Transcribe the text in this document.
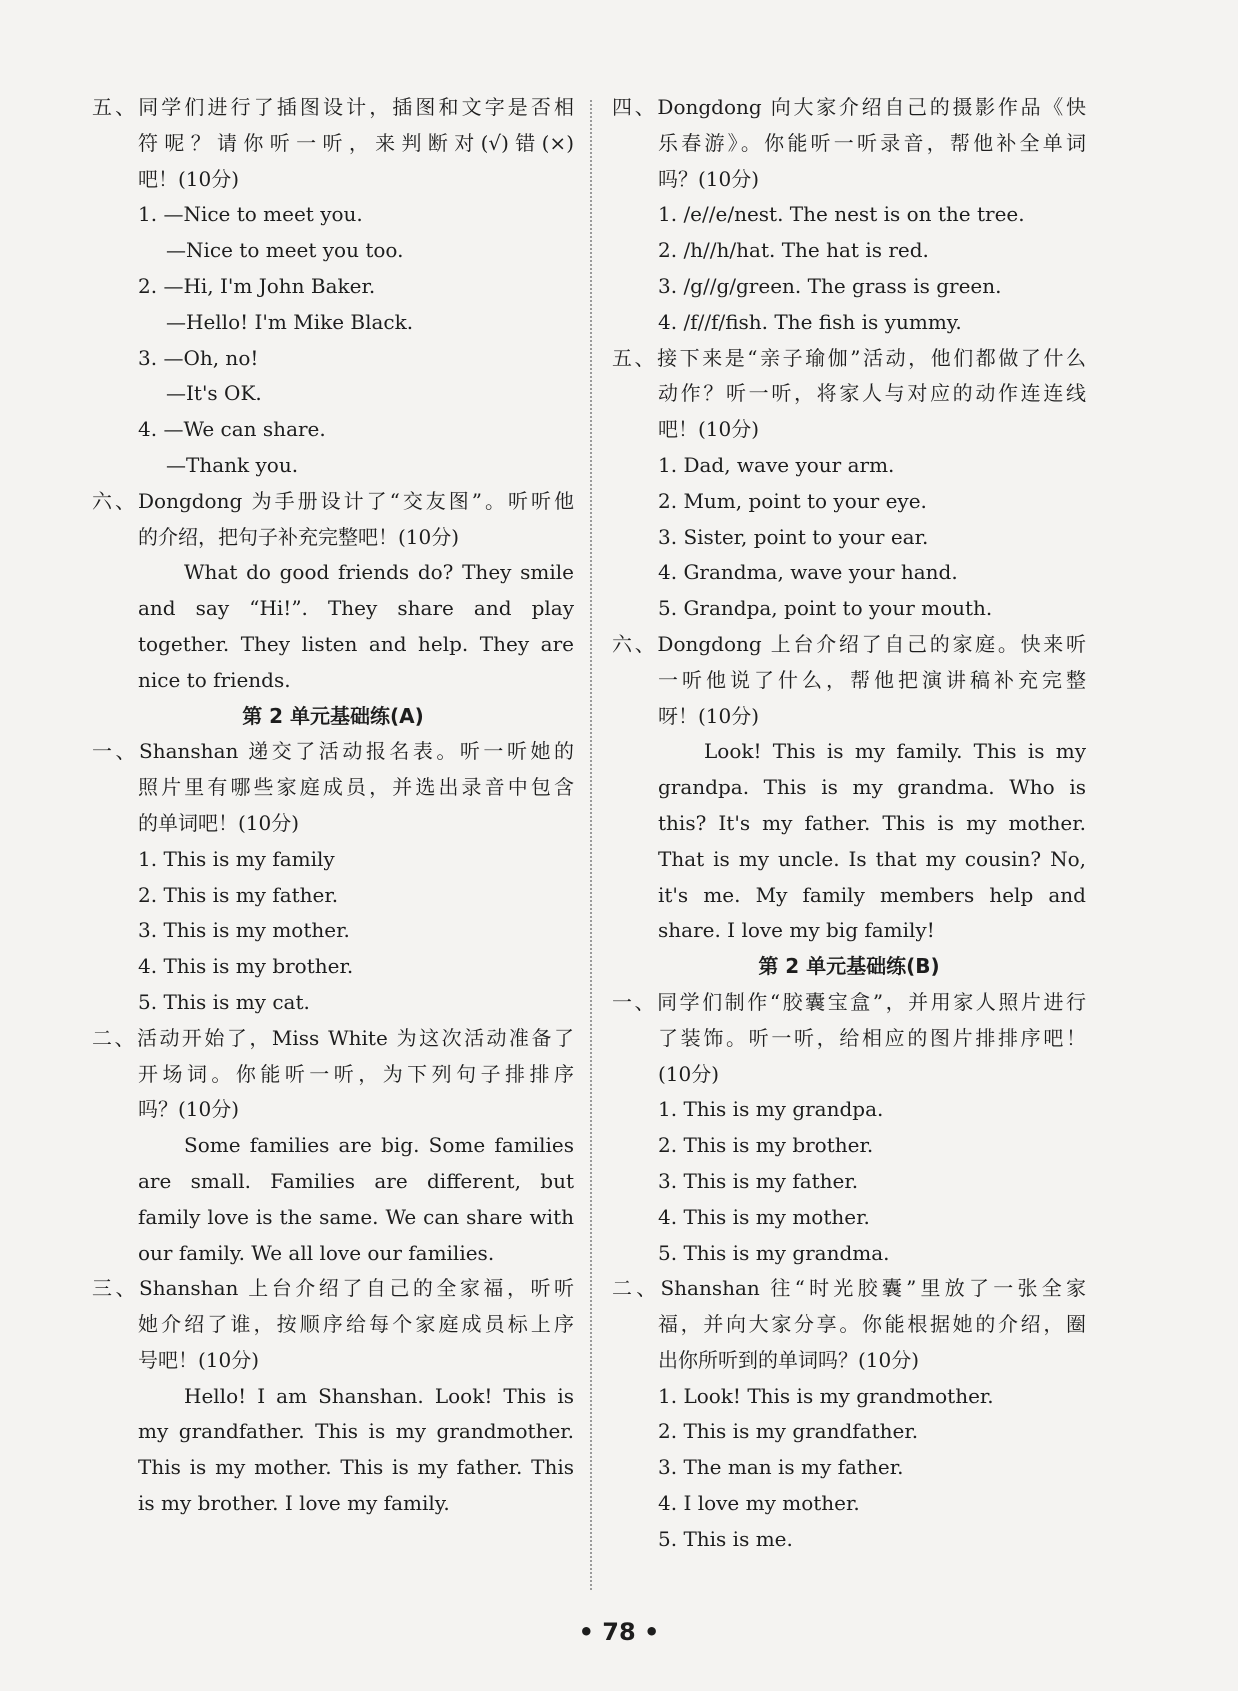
五、同学们进行了插图设计，插图和文字是否相
符呢？请你听一听，来判断对(√)错(×)
吧！(10分)
1. —Nice to meet you.
—Nice to meet you too.
2. —Hi, I'm John Baker.
—Hello! I'm Mike Black.
3. —Oh, no!
—It's OK.
4. —We can share.
—Thank you.
六、Dongdong 为手册设计了“交友图”。听听他
的介绍，把句子补充完整吧！(10分)
What do good friends do? They smile
and say “Hi!”. They share and play
together. They listen and help. They are
nice to friends.
第 2 单元基础练(A)
一、Shanshan 递交了活动报名表。听一听她的
照片里有哪些家庭成员，并选出录音中包含
的单词吧！(10分)
1. This is my family
2. This is my father.
3. This is my mother.
4. This is my brother.
5. This is my cat.
二、活动开始了，Miss White 为这次活动准备了
开场词。你能听一听，为下列句子排排序
吗？(10分)
Some families are big. Some families
are small. Families are different, but
family love is the same. We can share with
our family. We all love our families.
三、Shanshan 上台介绍了自己的全家福，听听
她介绍了谁，按顺序给每个家庭成员标上序
号吧！(10分)
Hello! I am Shanshan. Look! This is
my grandfather. This is my grandmother.
This is my mother. This is my father. This
is my brother. I love my family.
四、Dongdong 向大家介绍自己的摄影作品《快
乐春游》。你能听一听录音，帮他补全单词
吗？(10分)
1. /e//e/nest. The nest is on the tree.
2. /h//h/hat. The hat is red.
3. /g//g/green. The grass is green.
4. /f//f/fish. The fish is yummy.
五、接下来是“亲子瑜伽”活动，他们都做了什么
动作？听一听，将家人与对应的动作连连线
吧！(10分)
1. Dad, wave your arm.
2. Mum, point to your eye.
3. Sister, point to your ear.
4. Grandma, wave your hand.
5. Grandpa, point to your mouth.
六、Dongdong 上台介绍了自己的家庭。快来听
一听他说了什么，帮他把演讲稿补充完整
呀！(10分)
Look! This is my family. This is my
grandpa. This is my grandma. Who is
this? It's my father. This is my mother.
That is my uncle. Is that my cousin? No,
it's me. My family members help and
share. I love my big family!
第 2 单元基础练(B)
一、同学们制作“胶囊宝盒”，并用家人照片进行
了装饰。听一听，给相应的图片排排序吧！
(10分)
1. This is my grandpa.
2. This is my brother.
3. This is my father.
4. This is my mother.
5. This is my grandma.
二、Shanshan 往“时光胶囊”里放了一张全家
福，并向大家分享。你能根据她的介绍，圈
出你所听到的单词吗？(10分)
1. Look! This is my grandmother.
2. This is my grandfather.
3. The man is my father.
4. I love my mother.
5. This is me.
• 78 •
